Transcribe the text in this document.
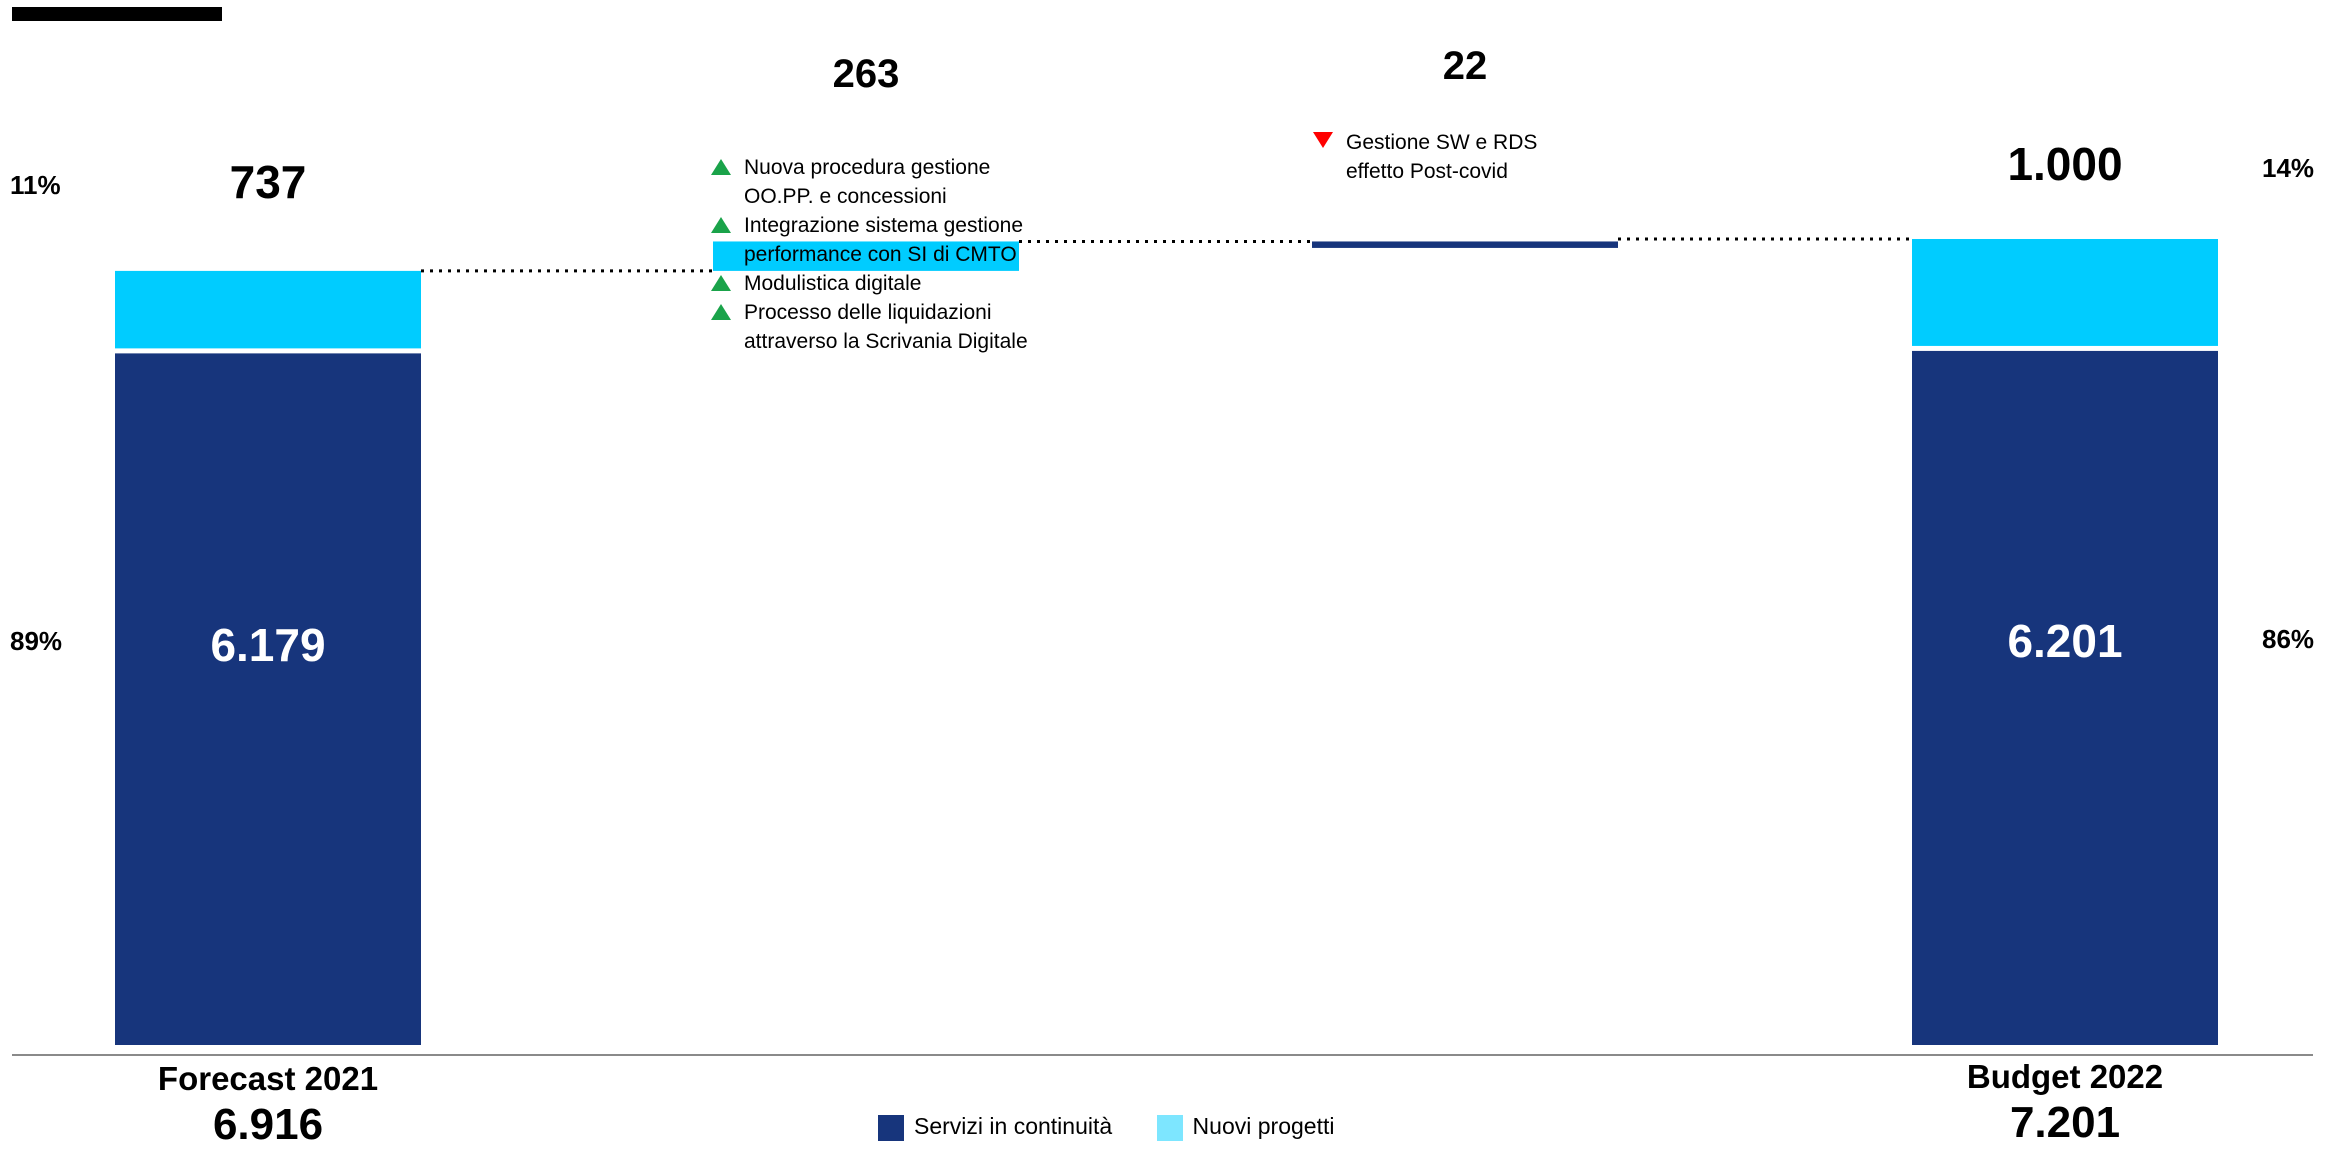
11%
89%
14%
86%
737
6.179
1.000
6.201
263	22
Nuova procedura gestione
OO.PP. e concessioni
Integrazione sistema gestione
performance con SI di CMTO
Modulistica digitale
Processo delle liquidazioni
attraverso la Scrivania Digitale
Gestione SW e RDS
effetto Post-covid
Forecast 2021
6.916
Budget 2022
7.201
Servizi in continuità	Nuovi progetti
